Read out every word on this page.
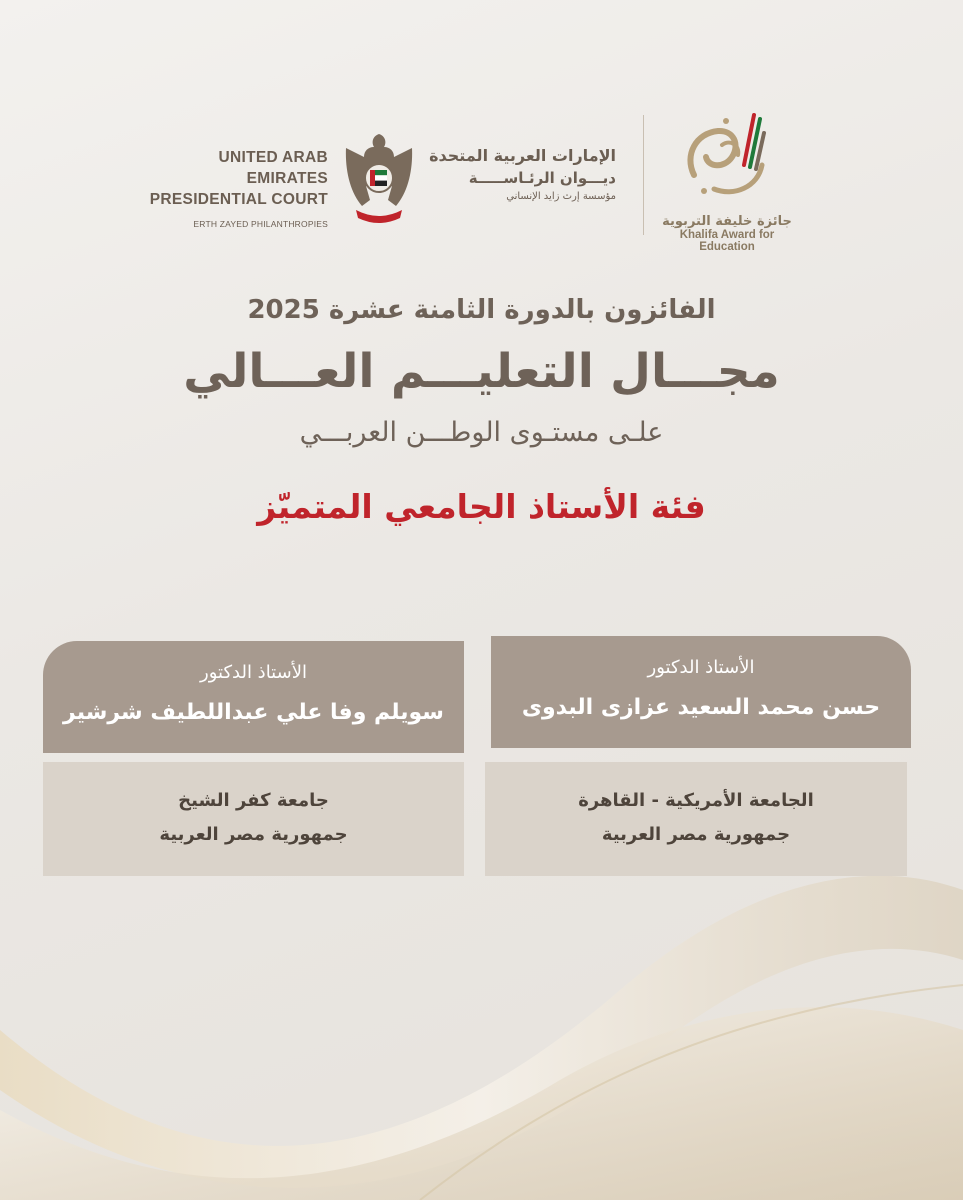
UNITED ARAB EMIRATES
PRESIDENTIAL COURT
ERTH ZAYED PHILANTHROPIES
الإمارات العربية المتحدة
ديـــوان الرئـاســـــة
مؤسسة إرث زايد الإنساني
جائزة خليفة التربوية
Khalifa Award for Education
الفائزون بالدورة الثامنة عشرة 2025
مجـــال التعليـــم العـــالي
علـى مستـوى الوطـــن العربـــي
فئة الأستاذ الجامعي المتميّز
الأستاذ الدكتور
حسن محمد السعيد عزازى البدوى
الجامعة الأمريكية - القاهرة
جمهورية مصر العربية
الأستاذ الدكتور
سويلم وفا علي عبداللطيف شرشير
جامعة كفر الشيخ
جمهورية مصر العربية
